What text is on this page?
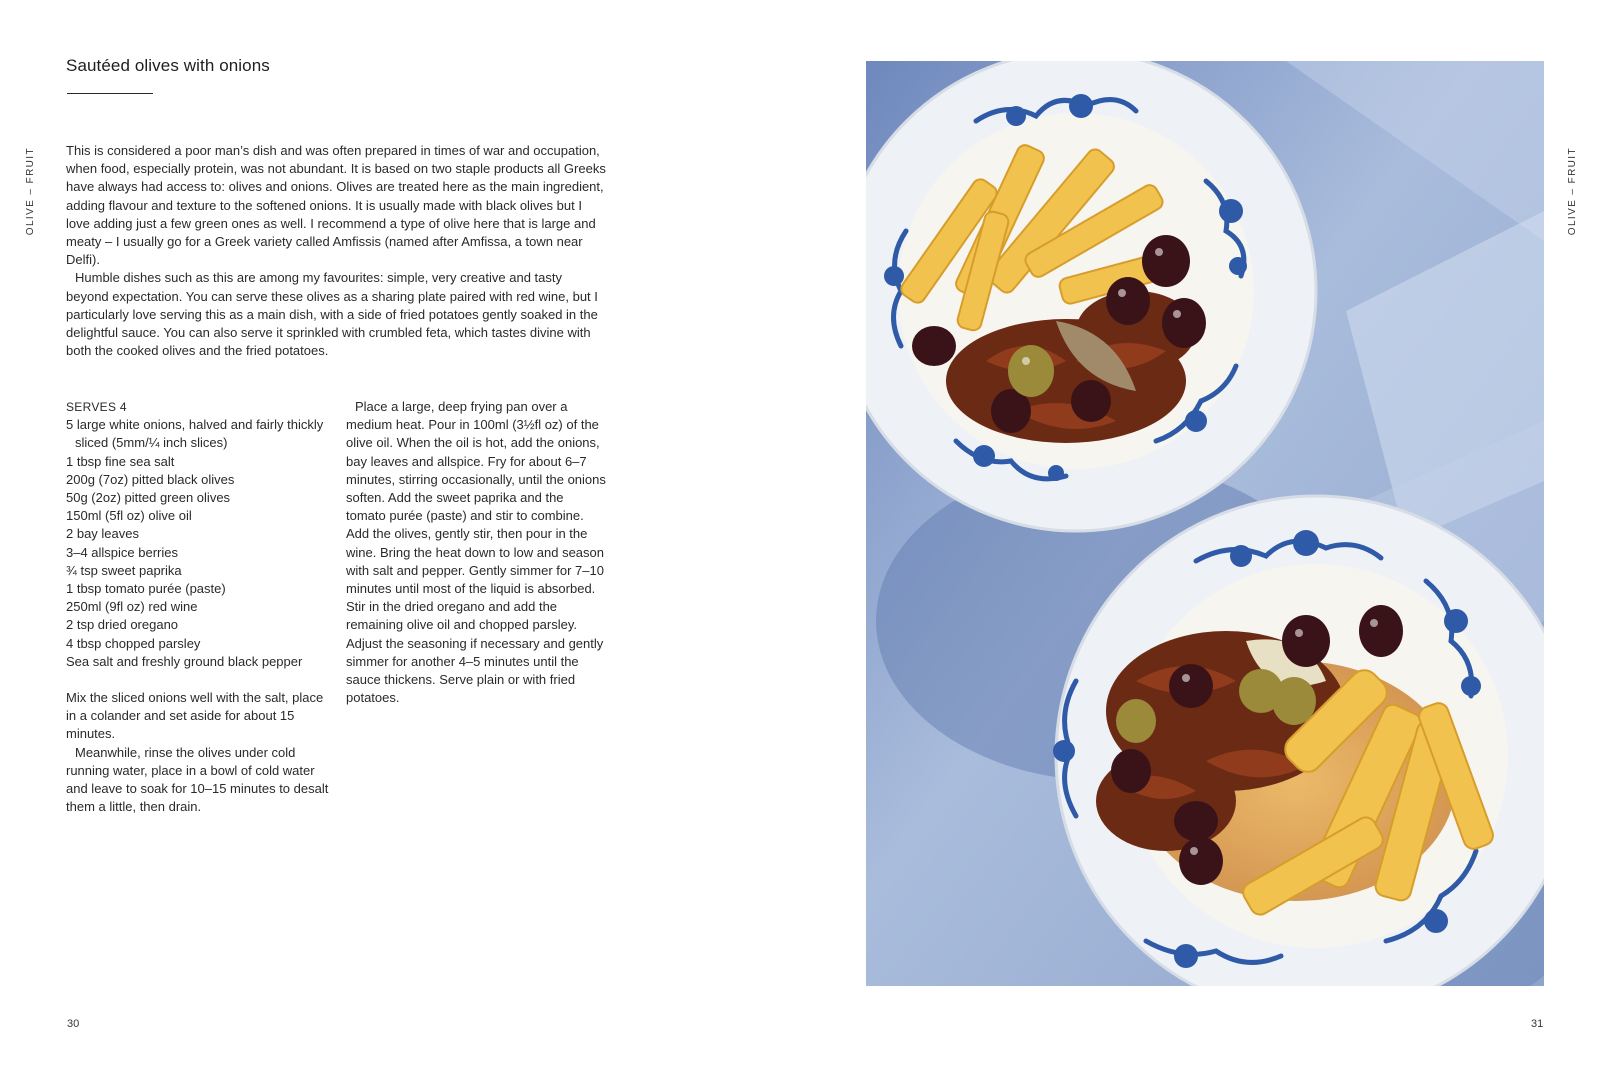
OLIVE – FRUIT
Sautéed olives with onions

This is considered a poor man’s dish and was often prepared in times of war and occupation, when food, especially protein, was not abundant. It is based on two staple products all Greeks have always had access to: olives and onions. Olives are treated here as the main ingredient, adding flavour and texture to the softened onions. It is usually made with black olives but I love adding just a few green ones as well. I recommend a type of olive here that is large and meaty – I usually go for a Greek variety called Amfissis (named after Amfissa, a town near Delfi).

Humble dishes such as this are among my favourites: simple, very creative and tasty beyond expectation. You can serve these olives as a sharing plate paired with red wine, but I particularly love serving this as a main dish, with a side of fried potatoes gently soaked in the delightful sauce. You can also serve it sprinkled with crumbled feta, which tastes divine with both the cooked olives and the fried potatoes.

SERVES 4

5 large white onions, halved and fairly thickly sliced (5mm/¼ inch slices)
1 tbsp fine sea salt
200g (7oz) pitted black olives
50g (2oz) pitted green olives
150ml (5fl oz) olive oil
2 bay leaves
3–4 allspice berries
¾ tsp sweet paprika
1 tbsp tomato purée (paste)
250ml (9fl oz) red wine
2 tsp dried oregano
4 tbsp chopped parsley
Sea salt and freshly ground black pepper

Mix the sliced onions well with the salt, place in a colander and set aside for about 15 minutes.

Meanwhile, rinse the olives under cold running water, place in a bowl of cold water and leave to soak for 10–15 minutes to desalt them a little, then drain.

Place a large, deep frying pan over a medium heat. Pour in 100ml (3½fl oz) of the olive oil. When the oil is hot, add the onions, bay leaves and allspice. Fry for about 6–7 minutes, stirring occasionally, until the onions soften. Add the sweet paprika and the tomato purée (paste) and stir to combine. Add the olives, gently stir, then pour in the wine. Bring the heat down to low and season with salt and pepper. Gently simmer for 7–10 minutes until most of the liquid is absorbed. Stir in the dried oregano and add the remaining olive oil and chopped parsley. Adjust the seasoning if necessary and gently simmer for another 4–5 minutes until the sauce thickens. Serve plain or with fried potatoes.

30
OLIVE – FRUIT
31
